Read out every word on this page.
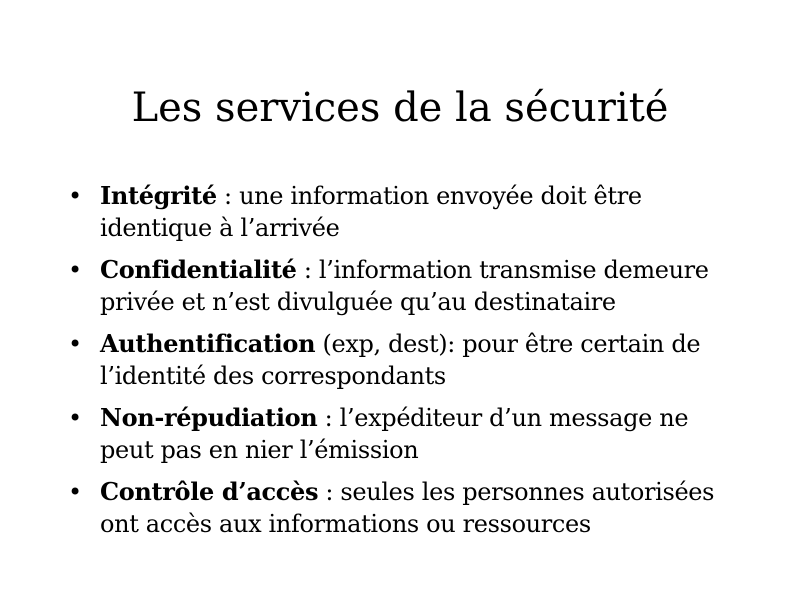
Les services de la sécurité
• Intégrité : une information envoyée doit être identique à l’arrivée
• Confidentialité : l’information transmise demeure privée et n’est divulguée qu’au destinataire
• Authentification (exp, dest): pour être certain de l’identité des correspondants
• Non-répudiation : l’expéditeur d’un message ne peut pas en nier l’émission
• Contrôle d’accès : seules les personnes autorisées ont accès aux informations ou ressources
